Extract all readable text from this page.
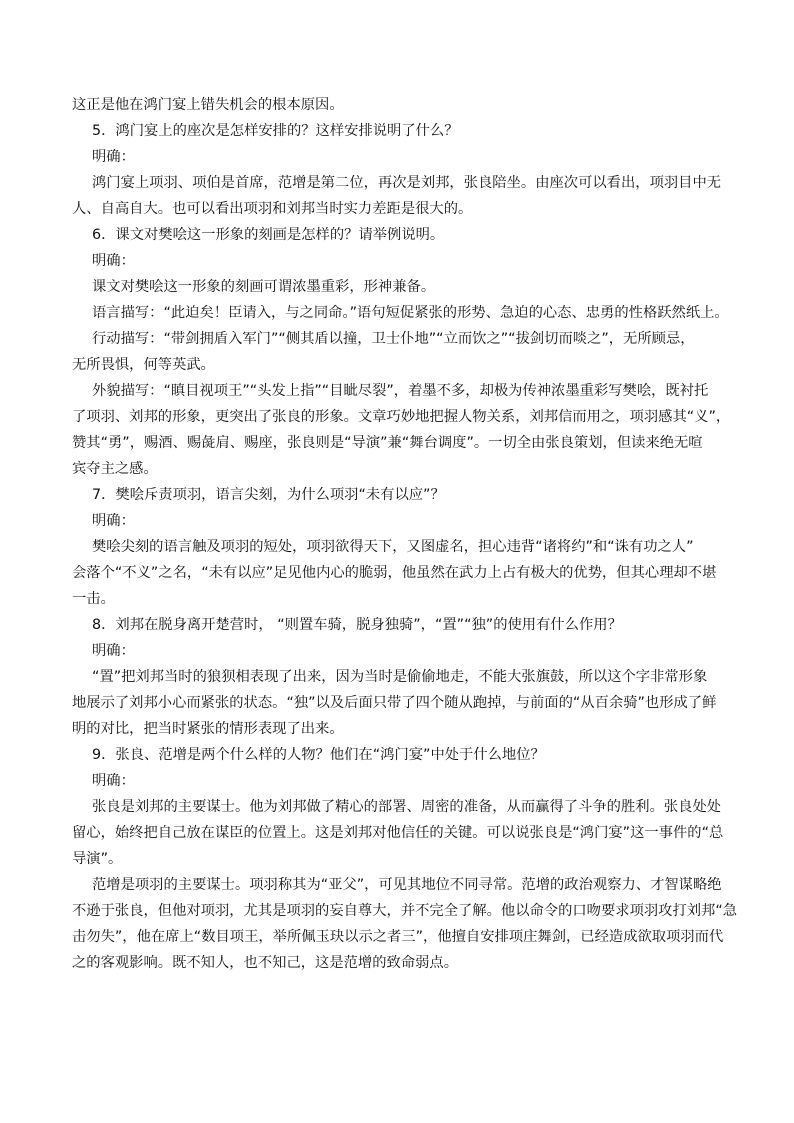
这正是他在鸿门宴上错失机会的根本原因。
5．鸿门宴上的座次是怎样安排的？这样安排说明了什么？
明确：
鸿门宴上项羽、项伯是首席，范增是第二位，再次是刘邦，张良陪坐。由座次可以看出，项羽目中无
人、自高自大。也可以看出项羽和刘邦当时实力差距是很大的。
6．课文对樊哙这一形象的刻画是怎样的？请举例说明。
明确：
课文对樊哙这一形象的刻画可谓浓墨重彩，形神兼备。
语言描写：“此迫矣！臣请入，与之同命。”语句短促紧张的形势、急迫的心态、忠勇的性格跃然纸上。
行动描写：“带剑拥盾入军门”“侧其盾以撞，卫士仆地”“立而饮之”“拔剑切而啖之”，无所顾忌，
无所畏惧，何等英武。
外貌描写：“瞋目视项王”“头发上指”“目眦尽裂”，着墨不多，却极为传神浓墨重彩写樊哙，既衬托
了项羽、刘邦的形象，更突出了张良的形象。文章巧妙地把握人物关系，刘邦信而用之，项羽感其“义”，
赞其“勇”，赐酒、赐彘肩、赐座，张良则是“导演”兼“舞台调度”。一切全由张良策划，但读来绝无喧
宾夺主之感。
7．樊哙斥责项羽，语言尖刻，为什么项羽“未有以应”？
明确：
樊哙尖刻的语言触及项羽的短处，项羽欲得天下，又图虚名，担心违背“诸将约”和“诛有功之人”
会落个“不义”之名，“未有以应”足见他内心的脆弱，他虽然在武力上占有极大的优势，但其心理却不堪
一击。
8．刘邦在脱身离开楚营时， “则置车骑，脱身独骑”，“置”“独”的使用有什么作用？
明确：
“置”把刘邦当时的狼狈相表现了出来，因为当时是偷偷地走，不能大张旗鼓，所以这个字非常形象
地展示了刘邦小心而紧张的状态。“独”以及后面只带了四个随从跑掉，与前面的“从百余骑”也形成了鲜
明的对比，把当时紧张的情形表现了出来。
9．张良、范增是两个什么样的人物？他们在“鸿门宴”中处于什么地位？
明确：
张良是刘邦的主要谋士。他为刘邦做了精心的部署、周密的准备，从而赢得了斗争的胜利。张良处处
留心，始终把自己放在谋臣的位置上。这是刘邦对他信任的关键。可以说张良是“鸿门宴”这一事件的“总
导演”。
范增是项羽的主要谋士。项羽称其为“亚父”，可见其地位不同寻常。范增的政治观察力、才智谋略绝
不逊于张良，但他对项羽，尤其是项羽的妄自尊大，并不完全了解。他以命令的口吻要求项羽攻打刘邦“急
击勿失”，他在席上“数目项王，举所佩玉玦以示之者三”，他擅自安排项庄舞剑，已经造成欲取项羽而代
之的客观影响。既不知人，也不知己，这是范增的致命弱点。
